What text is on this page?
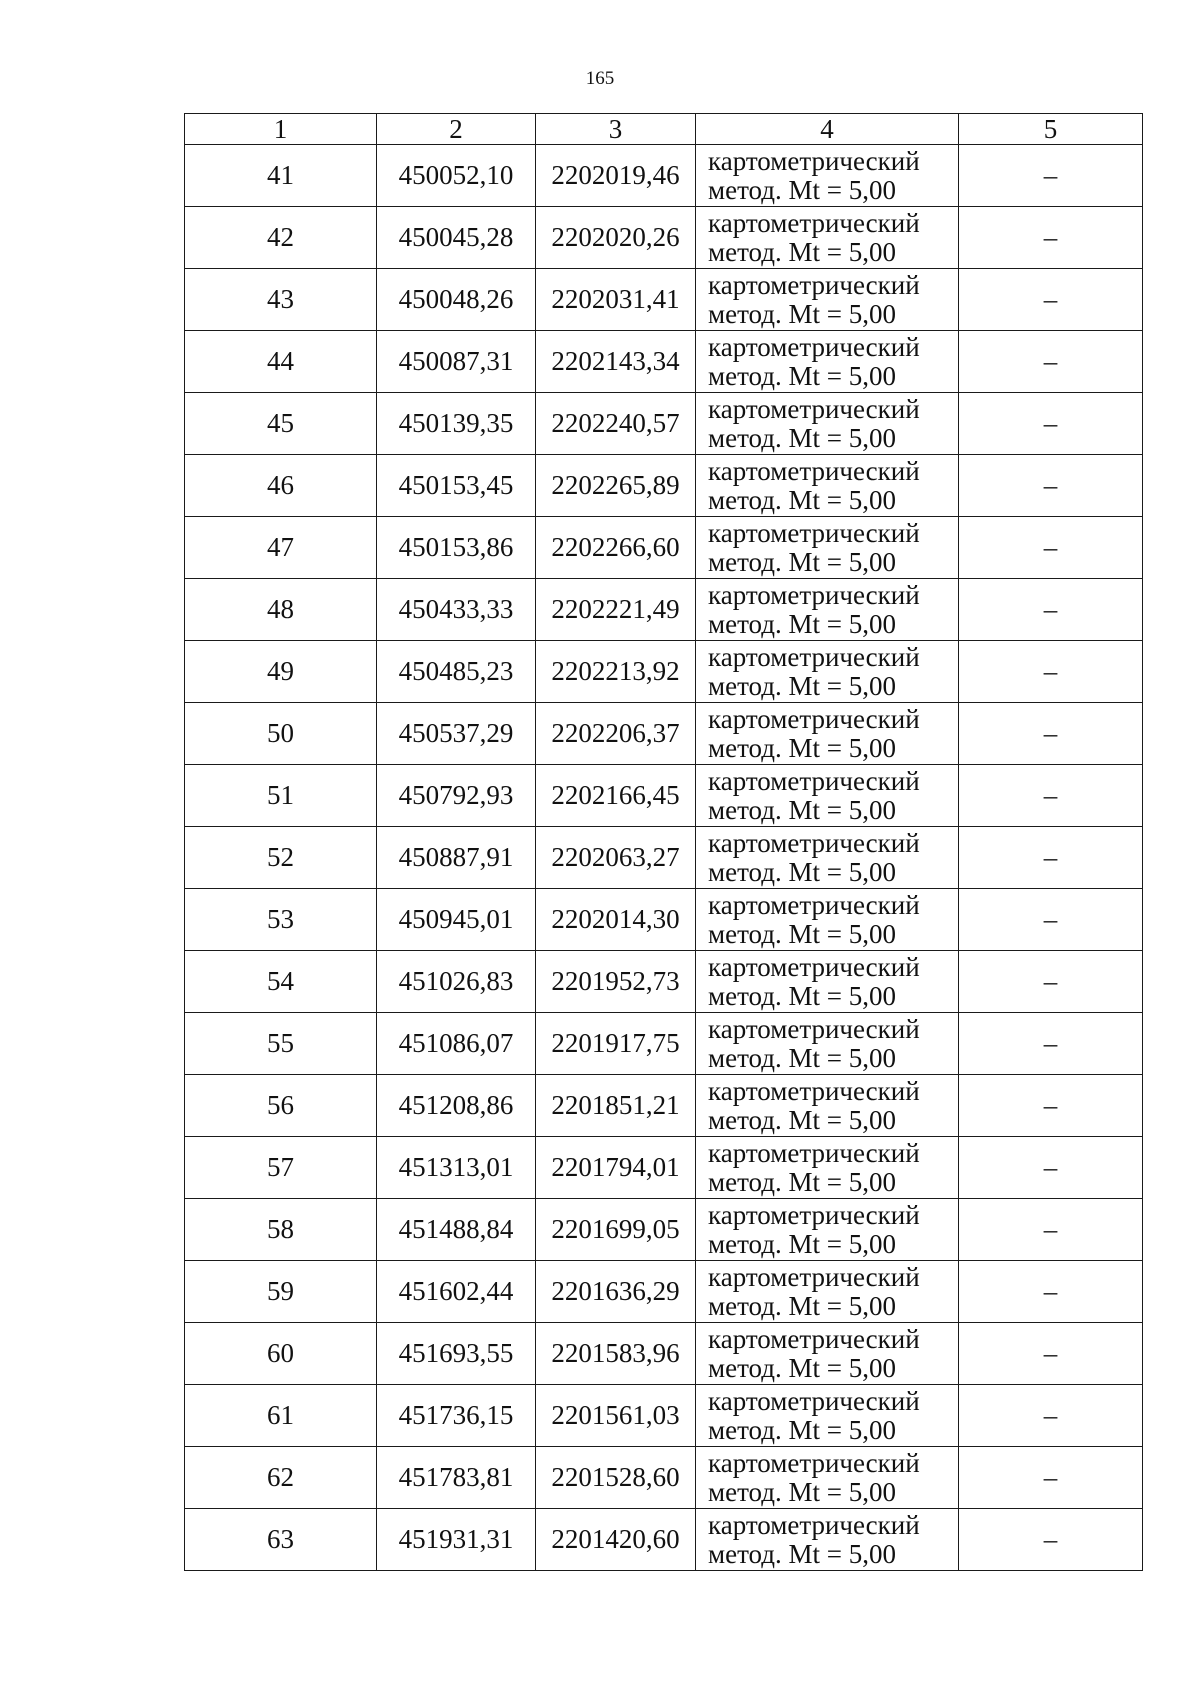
165
1	2	3	4	5
41	450052,10	2202019,46	картометрический
метод. Mt = 5,00	–
42	450045,28	2202020,26	картометрический
метод. Mt = 5,00	–
43	450048,26	2202031,41	картометрический
метод. Mt = 5,00	–
44	450087,31	2202143,34	картометрический
метод. Mt = 5,00	–
45	450139,35	2202240,57	картометрический
метод. Mt = 5,00	–
46	450153,45	2202265,89	картометрический
метод. Mt = 5,00	–
47	450153,86	2202266,60	картометрический
метод. Mt = 5,00	–
48	450433,33	2202221,49	картометрический
метод. Mt = 5,00	–
49	450485,23	2202213,92	картометрический
метод. Mt = 5,00	–
50	450537,29	2202206,37	картометрический
метод. Mt = 5,00	–
51	450792,93	2202166,45	картометрический
метод. Mt = 5,00	–
52	450887,91	2202063,27	картометрический
метод. Mt = 5,00	–
53	450945,01	2202014,30	картометрический
метод. Mt = 5,00	–
54	451026,83	2201952,73	картометрический
метод. Mt = 5,00	–
55	451086,07	2201917,75	картометрический
метод. Mt = 5,00	–
56	451208,86	2201851,21	картометрический
метод. Mt = 5,00	–
57	451313,01	2201794,01	картометрический
метод. Mt = 5,00	–
58	451488,84	2201699,05	картометрический
метод. Mt = 5,00	–
59	451602,44	2201636,29	картометрический
метод. Mt = 5,00	–
60	451693,55	2201583,96	картометрический
метод. Mt = 5,00	–
61	451736,15	2201561,03	картометрический
метод. Mt = 5,00	–
62	451783,81	2201528,60	картометрический
метод. Mt = 5,00	–
63	451931,31	2201420,60	картометрический
метод. Mt = 5,00	–
